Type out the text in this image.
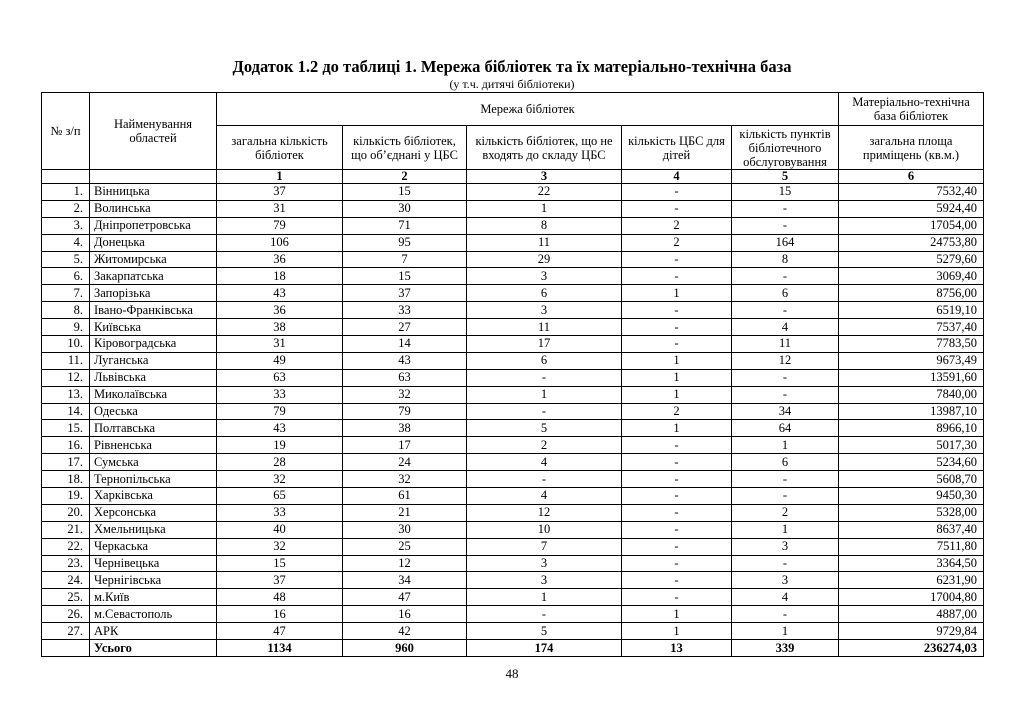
Додаток 1.2 до таблиці 1. Мережа бібліотек та їх матеріально-технічна база
(у т.ч. дитячі бібліотеки)
№ з/п	Найменування областей	Мережа бібліотек					Матеріально-технічна база бібліотек
		загальна кількість бібліотек	кількість бібліотек, що об’єднані у ЦБС	кількість бібліотек, що не входять до складу ЦБС	кількість ЦБС для дітей	кількість пунктів бібліотечного обслуговування	загальна площа приміщень (кв.м.)
		1	2	3	4	5	6
1.	Вінницька	37	15	22	-	15	7532,40
2.	Волинська	31	30	1	-	-	5924,40
3.	Дніпропетровська	79	71	8	2	-	17054,00
4.	Донецька	106	95	11	2	164	24753,80
5.	Житомирська	36	7	29	-	8	5279,60
6.	Закарпатська	18	15	3	-	-	3069,40
7.	Запорізька	43	37	6	1	6	8756,00
8.	Івано-Франківська	36	33	3	-	-	6519,10
9.	Київська	38	27	11	-	4	7537,40
10.	Кіровоградська	31	14	17	-	11	7783,50
11.	Луганська	49	43	6	1	12	9673,49
12.	Львівська	63	63	-	1	-	13591,60
13.	Миколаївська	33	32	1	1	-	7840,00
14.	Одеська	79	79	-	2	34	13987,10
15.	Полтавська	43	38	5	1	64	8966,10
16.	Рівненська	19	17	2	-	1	5017,30
17.	Сумська	28	24	4	-	6	5234,60
18.	Тернопільська	32	32	-	-	-	5608,70
19.	Харківська	65	61	4	-	-	9450,30
20.	Херсонська	33	21	12	-	2	5328,00
21.	Хмельницька	40	30	10	-	1	8637,40
22.	Черкаська	32	25	7	-	3	7511,80
23.	Чернівецька	15	12	3	-	-	3364,50
24.	Чернігівська	37	34	3	-	3	6231,90
25.	м.Київ	48	47	1	-	4	17004,80
26.	м.Севастополь	16	16	-	1	-	4887,00
27.	АРК	47	42	5	1	1	9729,84
	Усього	1134	960	174	13	339	236274,03
48
